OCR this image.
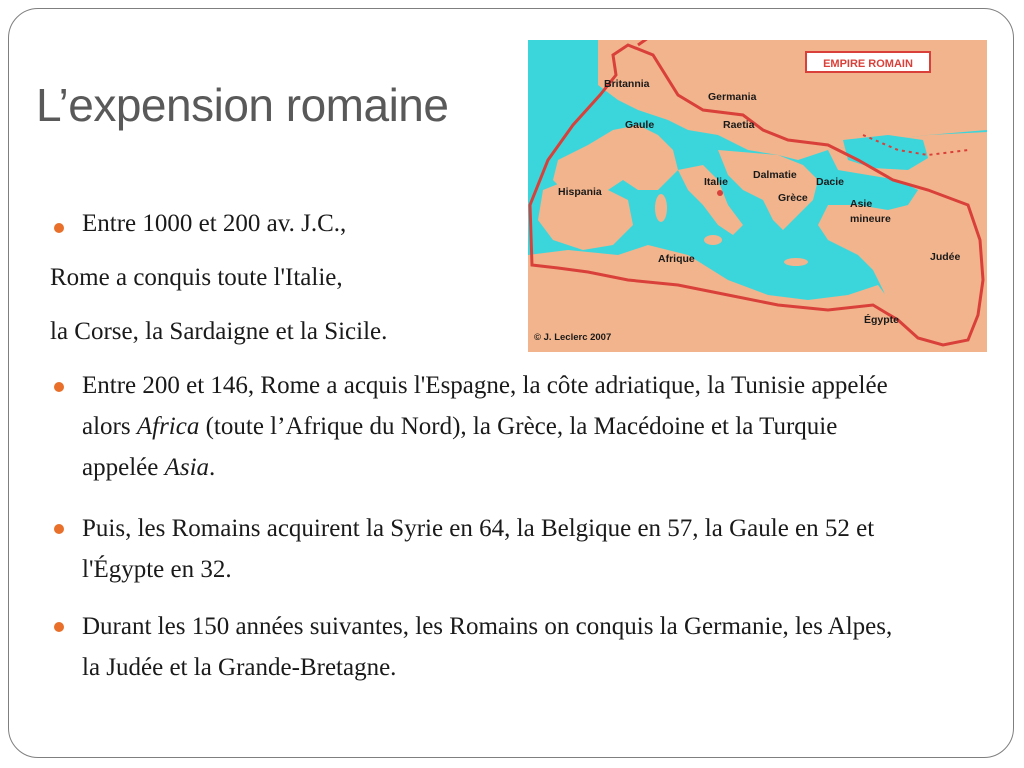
L’expension romaine
EMPIRE ROMAIN
Britannia
Germania
Gaule	Raetia
Hispania
Italie
Dalmatie
Dacie
Grèce	Asie
mineure
Afrique	Judée
Égypte
© J. Leclerc 2007
Entre 1000 et 200 av. J.C.,
Rome a conquis toute l'Italie,
la Corse, la Sardaigne et la Sicile.
Entre 200 et 146, Rome a acquis l'Espagne, la côte adriatique, la Tunisie appelée alors Africa (toute l’Afrique du Nord), la Grèce, la Macédoine et la Turquie appelée Asia.
Puis, les Romains acquirent la Syrie en 64, la Belgique en 57, la Gaule en 52 et l'Égypte en 32.
Durant les 150 années suivantes, les Romains on conquis la Germanie, les Alpes, la Judée et la Grande-Bretagne.
